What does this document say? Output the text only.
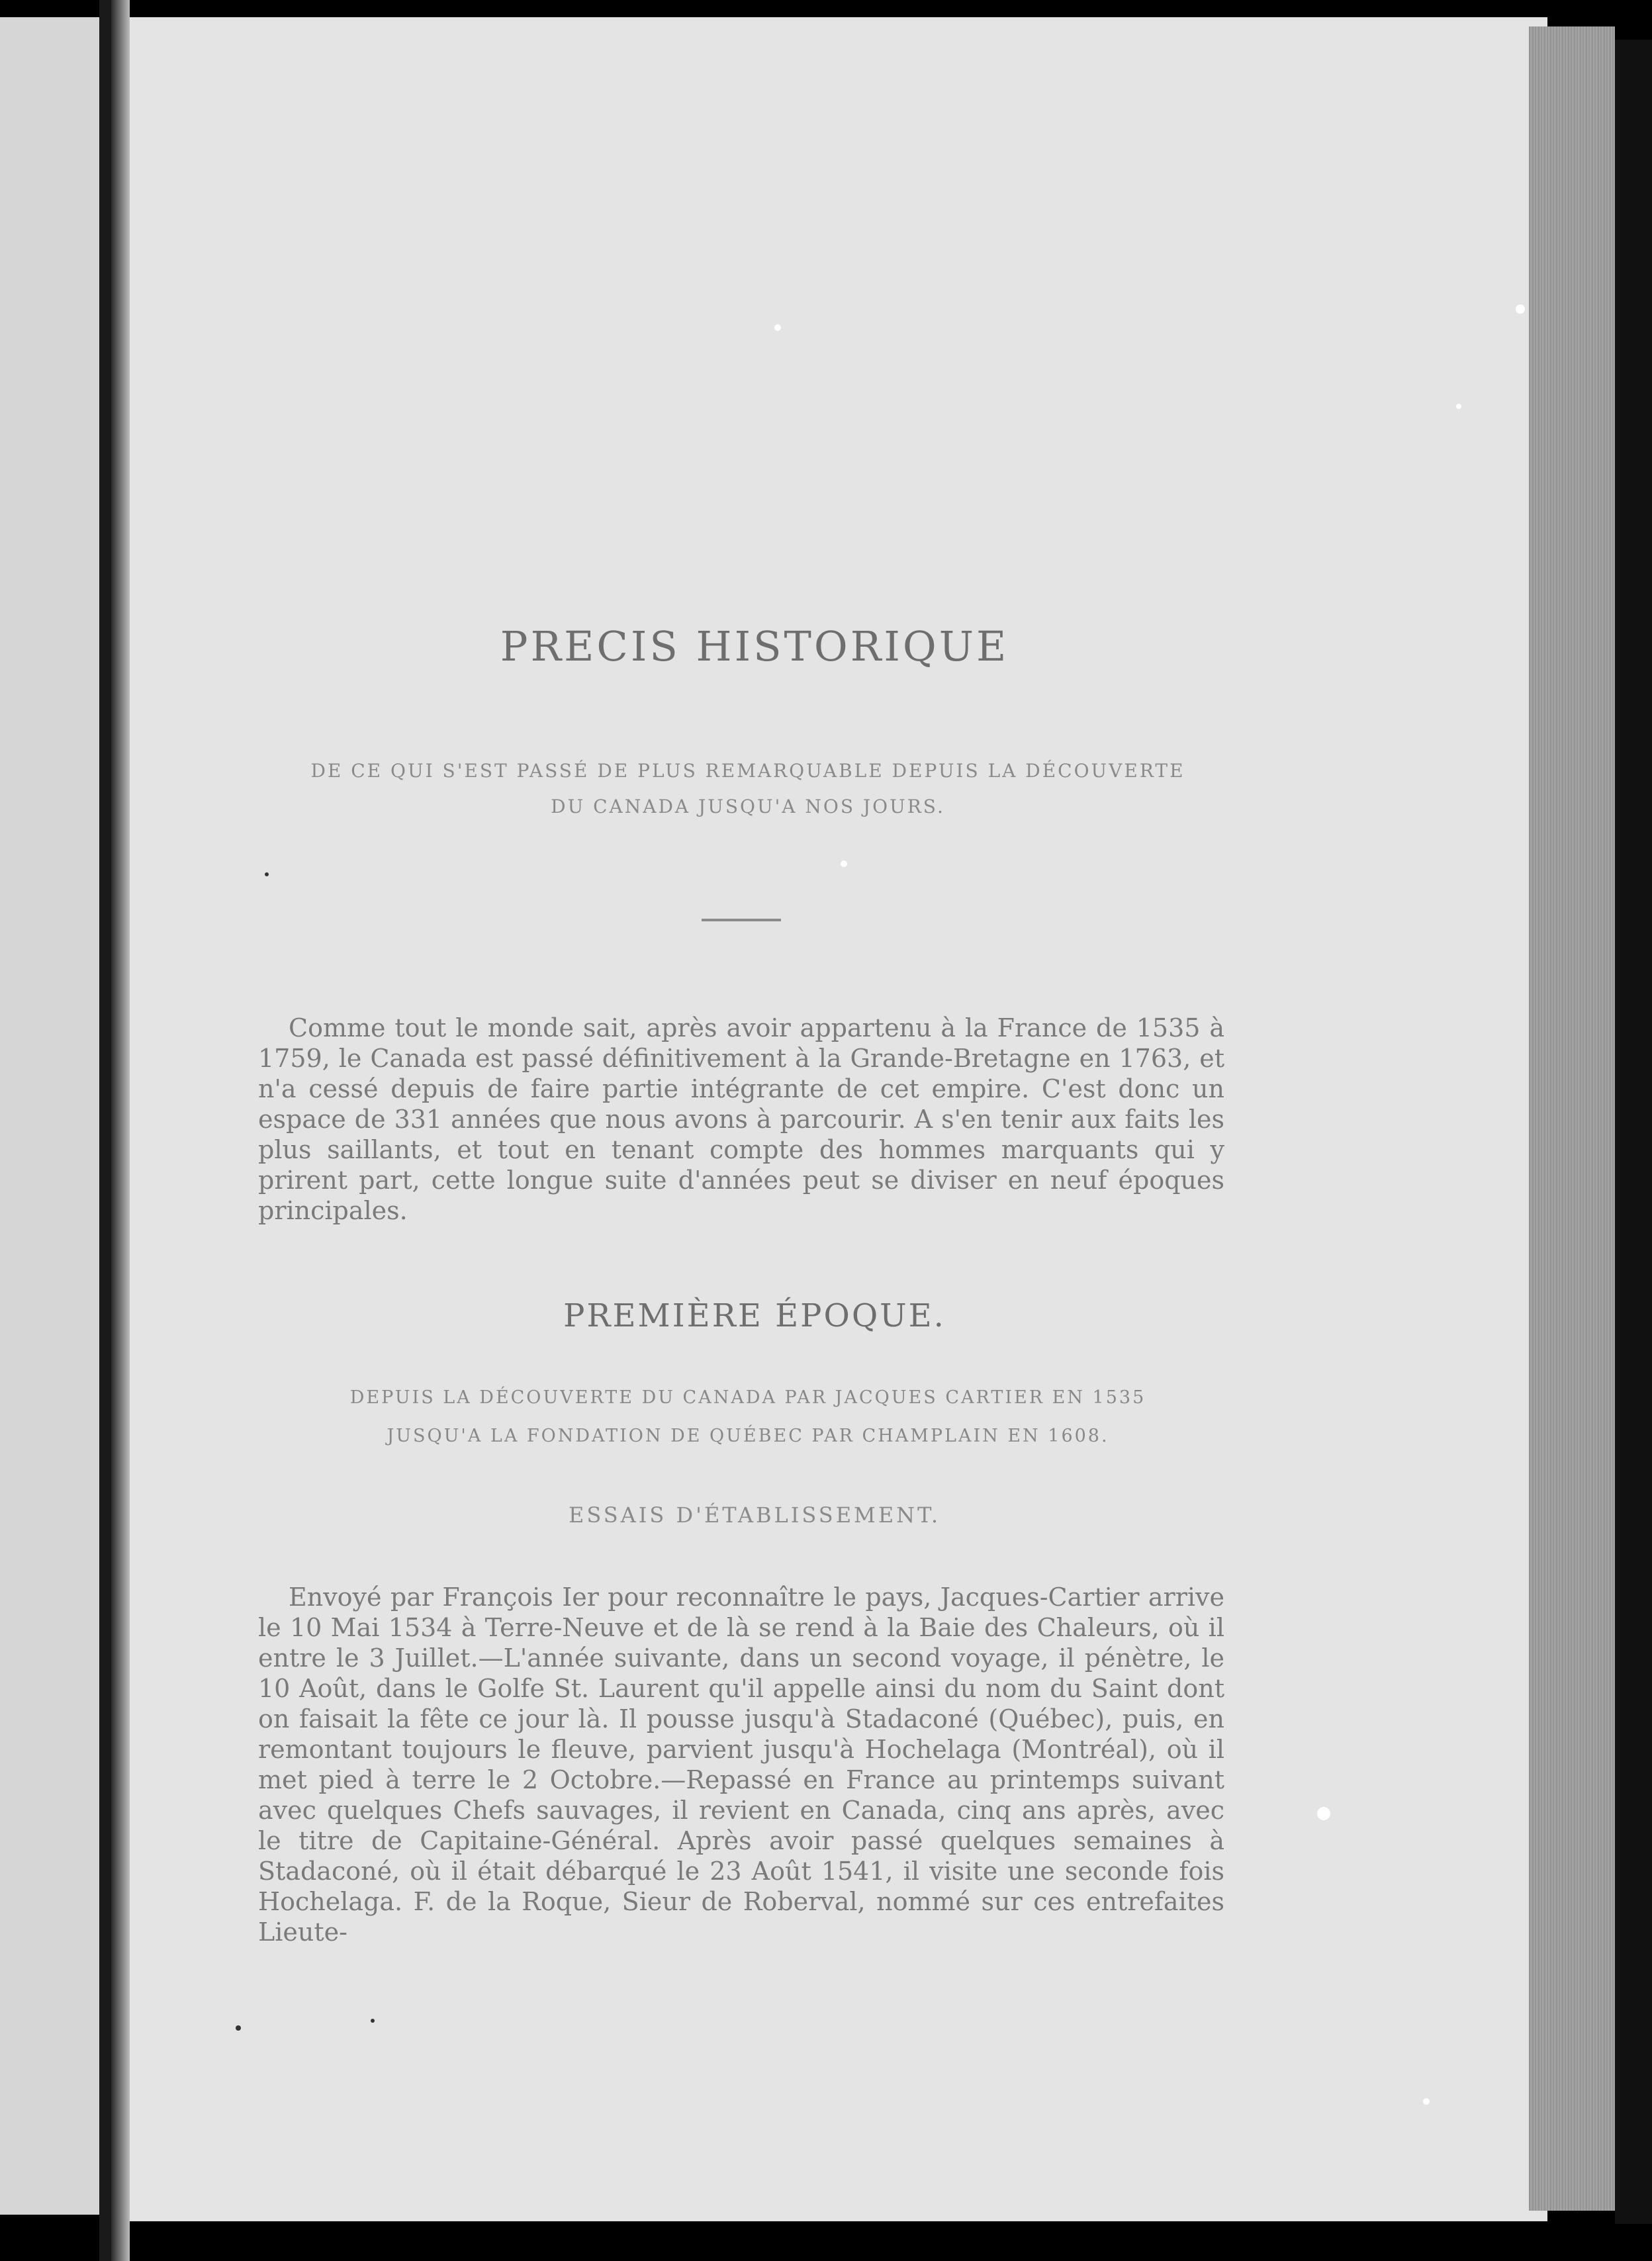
PRECIS HISTORIQUE
DE CE QUI S'EST PASSÉ DE PLUS REMARQUABLE DEPUIS LA DÉCOUVERTE
DU CANADA JUSQU'A NOS JOURS.
Comme tout le monde sait, après avoir appartenu à la France de 1535 à 1759, le Canada est passé définitivement à la Grande-Bretagne en 1763, et n'a cessé depuis de faire partie intégrante de cet empire. C'est donc un espace de 331 années que nous avons à parcourir. A s'en tenir aux faits les plus saillants, et tout en tenant compte des hommes marquants qui y prirent part, cette longue suite d'années peut se diviser en neuf époques principales.
PREMIÈRE ÉPOQUE.
DEPUIS LA DÉCOUVERTE DU CANADA PAR JACQUES CARTIER EN 1535
JUSQU'A LA FONDATION DE QUÉBEC PAR CHAMPLAIN EN 1608.
ESSAIS D'ÉTABLISSEMENT.
Envoyé par François Ier pour reconnaître le pays, Jacques-Cartier arrive le 10 Mai 1534 à Terre-Neuve et de là se rend à la Baie des Chaleurs, où il entre le 3 Juillet.—L'année suivante, dans un second voyage, il pénètre, le 10 Août, dans le Golfe St. Laurent qu'il appelle ainsi du nom du Saint dont on faisait la fête ce jour là. Il pousse jusqu'à Stadaconé (Québec), puis, en remontant toujours le fleuve, parvient jusqu'à Hochelaga (Montréal), où il met pied à terre le 2 Octobre.—Repassé en France au printemps suivant avec quelques Chefs sauvages, il revient en Canada, cinq ans après, avec le titre de Capitaine-Général. Après avoir passé quelques semaines à Stadaconé, où il était débarqué le 23 Août 1541, il visite une seconde fois Hochelaga. F. de la Roque, Sieur de Roberval, nommé sur ces entrefaites Lieute-
